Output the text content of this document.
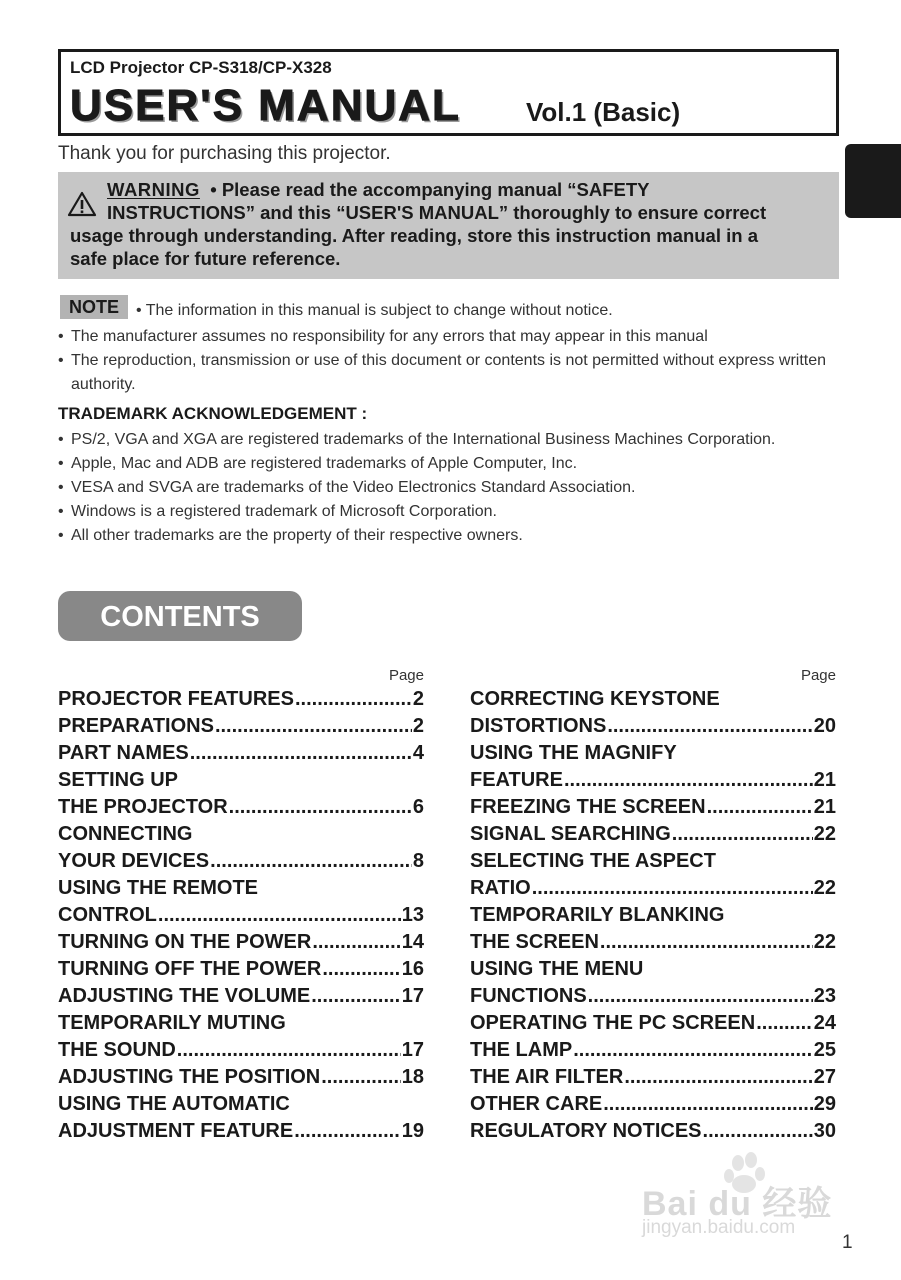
LCD Projector CP-S318/CP-X328
USER'S MANUAL	Vol.1 (Basic)
Thank you for purchasing this projector.
WARNING • Please read the accompanying manual “SAFETY
INSTRUCTIONS” and this “USER'S MANUAL” thoroughly to ensure correct
usage through understanding. After reading, store this instruction manual in a
safe place for future reference.
NOTE	• The information in this manual is subject to change without notice.
• The manufacturer assumes no responsibility for any errors that may appear in this manual
• The reproduction, transmission or use of this document or contents is not permitted without express written authority.
TRADEMARK ACKNOWLEDGEMENT :
• PS/2, VGA and XGA are registered trademarks of the International Business Machines Corporation.
• Apple, Mac and ADB are registered trademarks of Apple Computer, Inc.
• VESA and SVGA are trademarks of the Video Electronics Standard Association.
• Windows is a registered trademark of Microsoft Corporation.
• All other trademarks are the property of their respective owners.
CONTENTS
Page
PROJECTOR FEATURES .....	2
PREPARATIONS .....	2
PART NAMES .....	4
SETTING UP
THE PROJECTOR .....	6
CONNECTING
YOUR DEVICES .....	8
USING THE REMOTE
CONTROL .....	13
TURNING ON THE POWER .....	14
TURNING OFF THE POWER .....	16
ADJUSTING THE VOLUME .....	17
TEMPORARILY MUTING
THE SOUND .....	17
ADJUSTING THE POSITION .....	18
USING THE AUTOMATIC
ADJUSTMENT FEATURE .....	19
Page
CORRECTING KEYSTONE
DISTORTIONS .....	20
USING THE MAGNIFY
FEATURE .....	21
FREEZING THE SCREEN .....	21
SIGNAL SEARCHING .....	22
SELECTING THE ASPECT
RATIO .....	22
TEMPORARILY BLANKING
THE SCREEN .....	22
USING THE MENU
FUNCTIONS .....	23
OPERATING THE PC SCREEN .....	24
THE LAMP .....	25
THE AIR FILTER .....	27
OTHER CARE .....	29
REGULATORY NOTICES .....	30
Bai du 经验
jingyan.baidu.com
1
